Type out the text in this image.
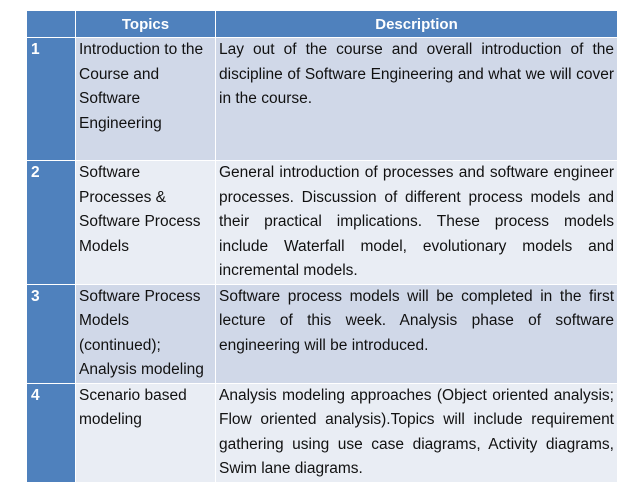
	Topics	Description
1	Introduction to the Course and Software Engineering	Lay out of the course and overall introduction of the discipline of Software Engineering and what we will cover in the course.
2	Software Processes & Software Process Models	General introduction of processes and software engineer processes. Discussion of different process models and their practical implications. These process models include Waterfall model, evolutionary models and incremental models.
3	Software Process Models (continued); Analysis modeling	Software process models will be completed in the first lecture of this week. Analysis phase of software engineering will be introduced.
4	Scenario based modeling	Analysis modeling approaches (Object oriented analysis; Flow oriented analysis).Topics will include requirement gathering using use case diagrams, Activity diagrams, Swim lane diagrams.
